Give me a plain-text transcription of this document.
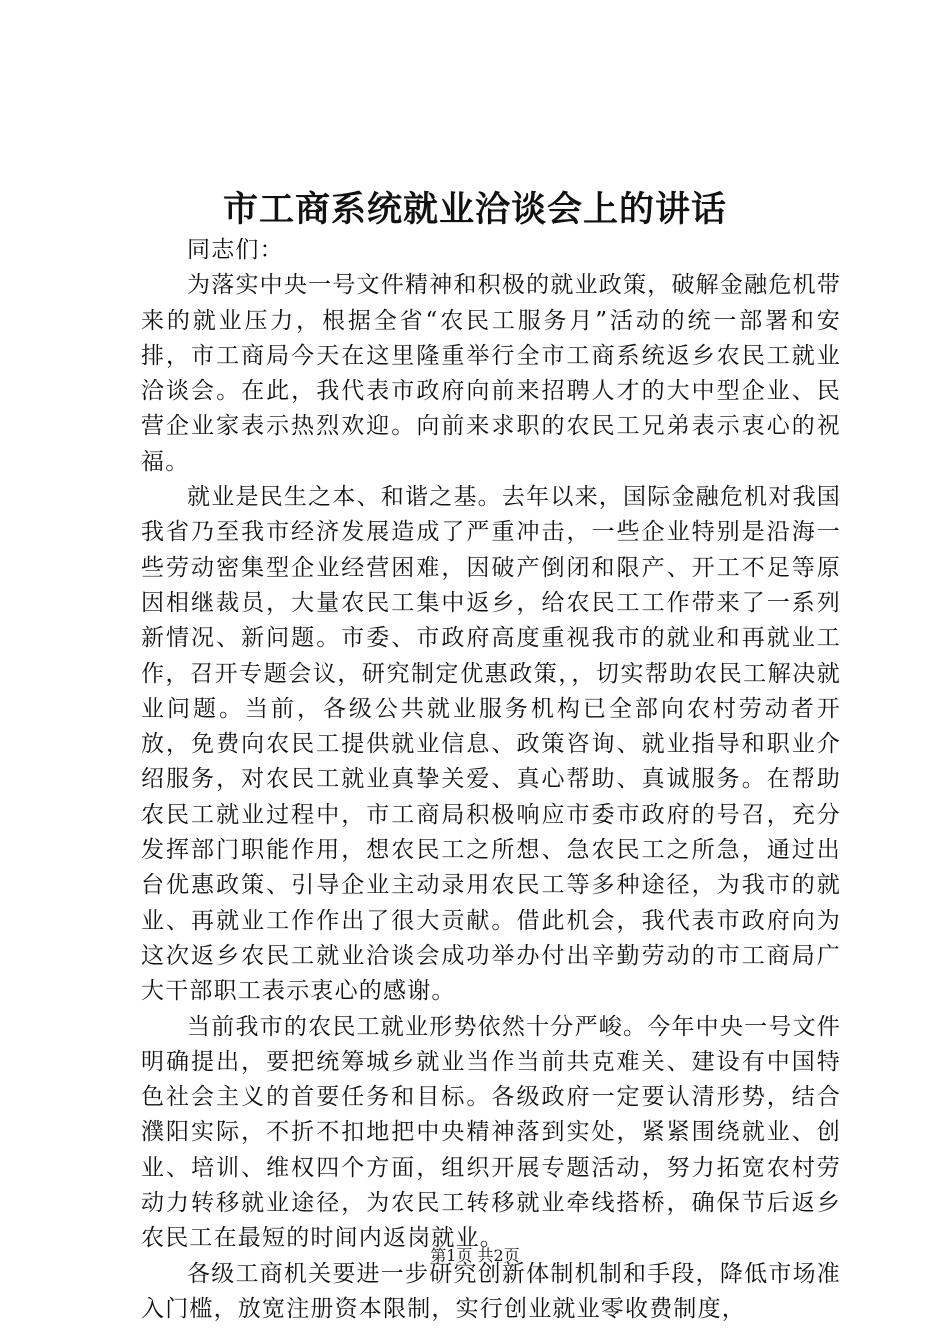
市工商系统就业洽谈会上的讲话

同志们：

为落实中央一号文件精神和积极的就业政策，破解金融危机带来的就业压力，根据全省“农民工服务月”活动的统一部署和安排，市工商局今天在这里隆重举行全市工商系统返乡农民工就业洽谈会。在此，我代表市政府向前来招聘人才的大中型企业、民营企业家表示热烈欢迎。向前来求职的农民工兄弟表示衷心的祝福。

就业是民生之本、和谐之基。去年以来，国际金融危机对我国我省乃至我市经济发展造成了严重冲击，一些企业特别是沿海一些劳动密集型企业经营困难，因破产倒闭和限产、开工不足等原因相继裁员，大量农民工集中返乡，给农民工工作带来了一系列新情况、新问题。市委、市政府高度重视我市的就业和再就业工作，召开专题会议，研究制定优惠政策，，切实帮助农民工解决就业问题。当前，各级公共就业服务机构已全部向农村劳动者开放，免费向农民工提供就业信息、政策咨询、就业指导和职业介绍服务，对农民工就业真挚关爱、真心帮助、真诚服务。在帮助农民工就业过程中，市工商局积极响应市委市政府的号召，充分发挥部门职能作用，想农民工之所想、急农民工之所急，通过出台优惠政策、引导企业主动录用农民工等多种途径，为我市的就业、再就业工作作出了很大贡献。借此机会，我代表市政府向为这次返乡农民工就业洽谈会成功举办付出辛勤劳动的市工商局广大干部职工表示衷心的感谢。

当前我市的农民工就业形势依然十分严峻。今年中央一号文件明确提出，要把统筹城乡就业当作当前共克难关、建设有中国特色社会主义的首要任务和目标。各级政府一定要认清形势，结合濮阳实际，不折不扣地把中央精神落到实处，紧紧围绕就业、创业、培训、维权四个方面，组织开展专题活动，努力拓宽农村劳动力转移就业途径，为农民工转移就业牵线搭桥，确保节后返乡农民工在最短的时间内返岗就业。

各级工商机关要进一步研究创新体制机制和手段，降低市场准入门槛，放宽注册资本限制，实行创业就业零收费制度，

第1页 共2页
